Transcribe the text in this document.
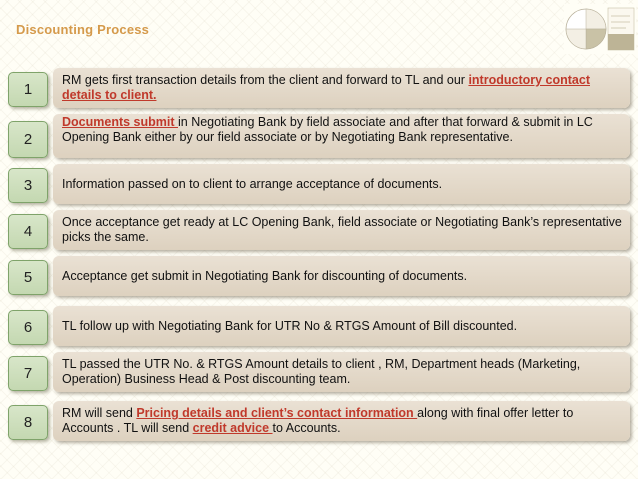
Discounting Process
1
RM gets first transaction details from the client and forward to TL and our introductory contact details to client.
2
Documents submit in Negotiating Bank by field associate and after that forward & submit in LC Opening Bank either by our field associate or by Negotiating Bank representative.
3	Information passed on to client to arrange acceptance of documents.
4
Once acceptance get ready at LC Opening Bank, field associate or Negotiating Bank’s representative picks the same.
5	Acceptance get submit in Negotiating Bank for discounting of documents.
6	TL follow up with Negotiating Bank for UTR No & RTGS Amount of Bill discounted.
7
TL passed the UTR No. & RTGS Amount details to client , RM, Department heads (Marketing, Operation) Business Head & Post discounting team.
8
RM will send Pricing details and client’s contact information along with final offer letter to Accounts . TL will send credit advice to Accounts.
